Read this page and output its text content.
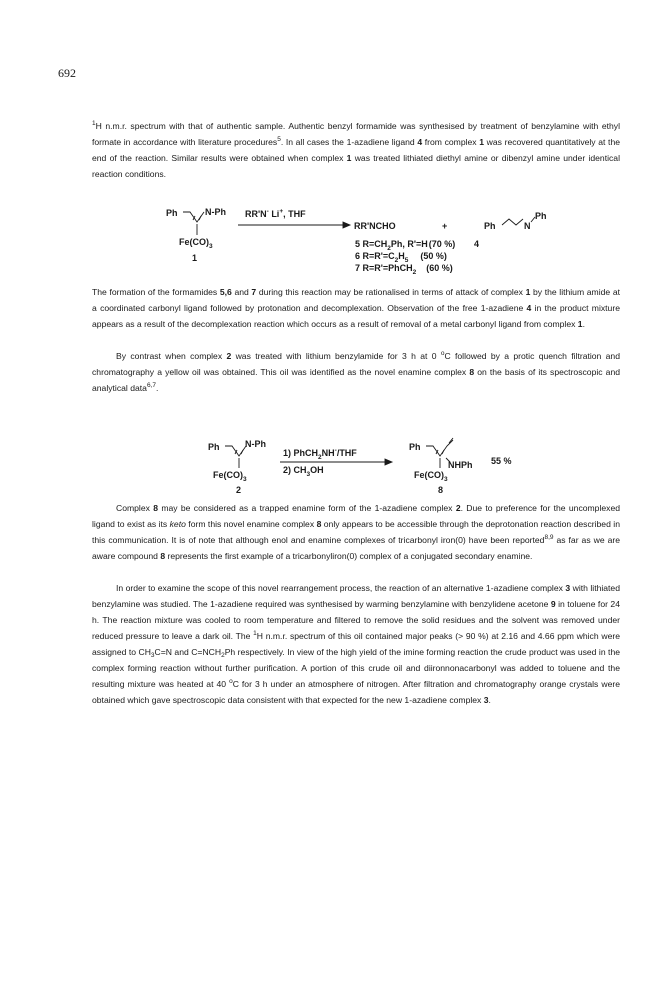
692
$^1$H n.m.r. spectrum with that of authentic sample. Authentic benzyl formamide was synthesised by treatment of benzylamine with ethyl formate in accordance with literature procedures$^5$. In all cases the 1-azadiene ligand 4 from complex 1 was recovered quantitatively at the end of the reaction. Similar results were obtained when complex 1 was treated lithiated diethyl amine or dibenzyl amine under identical reaction conditions.
Ph	N-Ph
$Fe(CO)_3$
1
RR'N- Li+, THF
RR'NCHO	+	Ph	N
Ph
4
5 $R=CH_2Ph$, R'=H(70 %)
6 $R=R'=C_2H_5$ (50 %)
7 R=R'=PhCH$_2$ (60 %)
The formation of the formamides 5,6 and 7 during this reaction may be rationalised in terms of attack of complex 1 by the lithium amide at a coordinated carbonyl ligand followed by protonation and decomplexation. Observation of the free 1-azadiene 4 in the product mixture appears as a result of the decomplexation reaction which occurs as a result of removal of a metal carbonyl ligand from complex 1.
By contrast when complex 2 was treated with lithium benzylamide for 3 h at 0 $^o$C followed by a protic quench filtration and chromatography a yellow oil was obtained. This oil was identified as the novel enamine complex 8 on the basis of its spectroscopic and analytical data$^{6,7}$.
Ph	N-Ph
$Fe(CO)_3$
2
1) PhCH$_2$NH-/THF
2) $CH_3OH$
Ph
NHPh 55 %
$Fe(CO)_3$
8
Complex 8 may be considered as a trapped enamine form of the 1-azadiene complex 2. Due to preference for the uncomplexed ligand to exist as its keto form this novel enamine complex 8 only appears to be accessible through the deprotonation reaction described in this communication. It is of note that although enol and enamine complexes of tricarbonyl iron(0) have been reported$^{8,9}$ as far as we are aware compound 8 represents the first example of a tricarbonyliron(0) complex of a conjugated secondary enamine.
In order to examine the scope of this novel rearrangement process, the reaction of an alternative 1-azadiene complex 3 with lithiated benzylamine was studied. The 1-azadiene required was synthesised by warming benzylamine with benzylidene acetone 9 in toluene for 24 h. The reaction mixture was cooled to room temperature and filtered to remove the solid residues and the solvent was removed under reduced pressure to leave a dark oil. The $^1$H n.m.r. spectrum of this oil contained major peaks (> 90 %) at 2.16 and 4.66 ppm which were assigned to $CH_3C=N$ and $C=NCH_2Ph$ respectively. In view of the high yield of the imine forming reaction the crude product was used in the complex forming reaction without further purification. A portion of this crude oil and diironnonacarbonyl was added to toluene and the resulting mixture was heated at 40 $^o$C for 3 h under an atmosphere of nitrogen. After filtration and chromatography orange crystals were obtained which gave spectroscopic data consistent with that expected for the new 1-azadiene complex 3.
